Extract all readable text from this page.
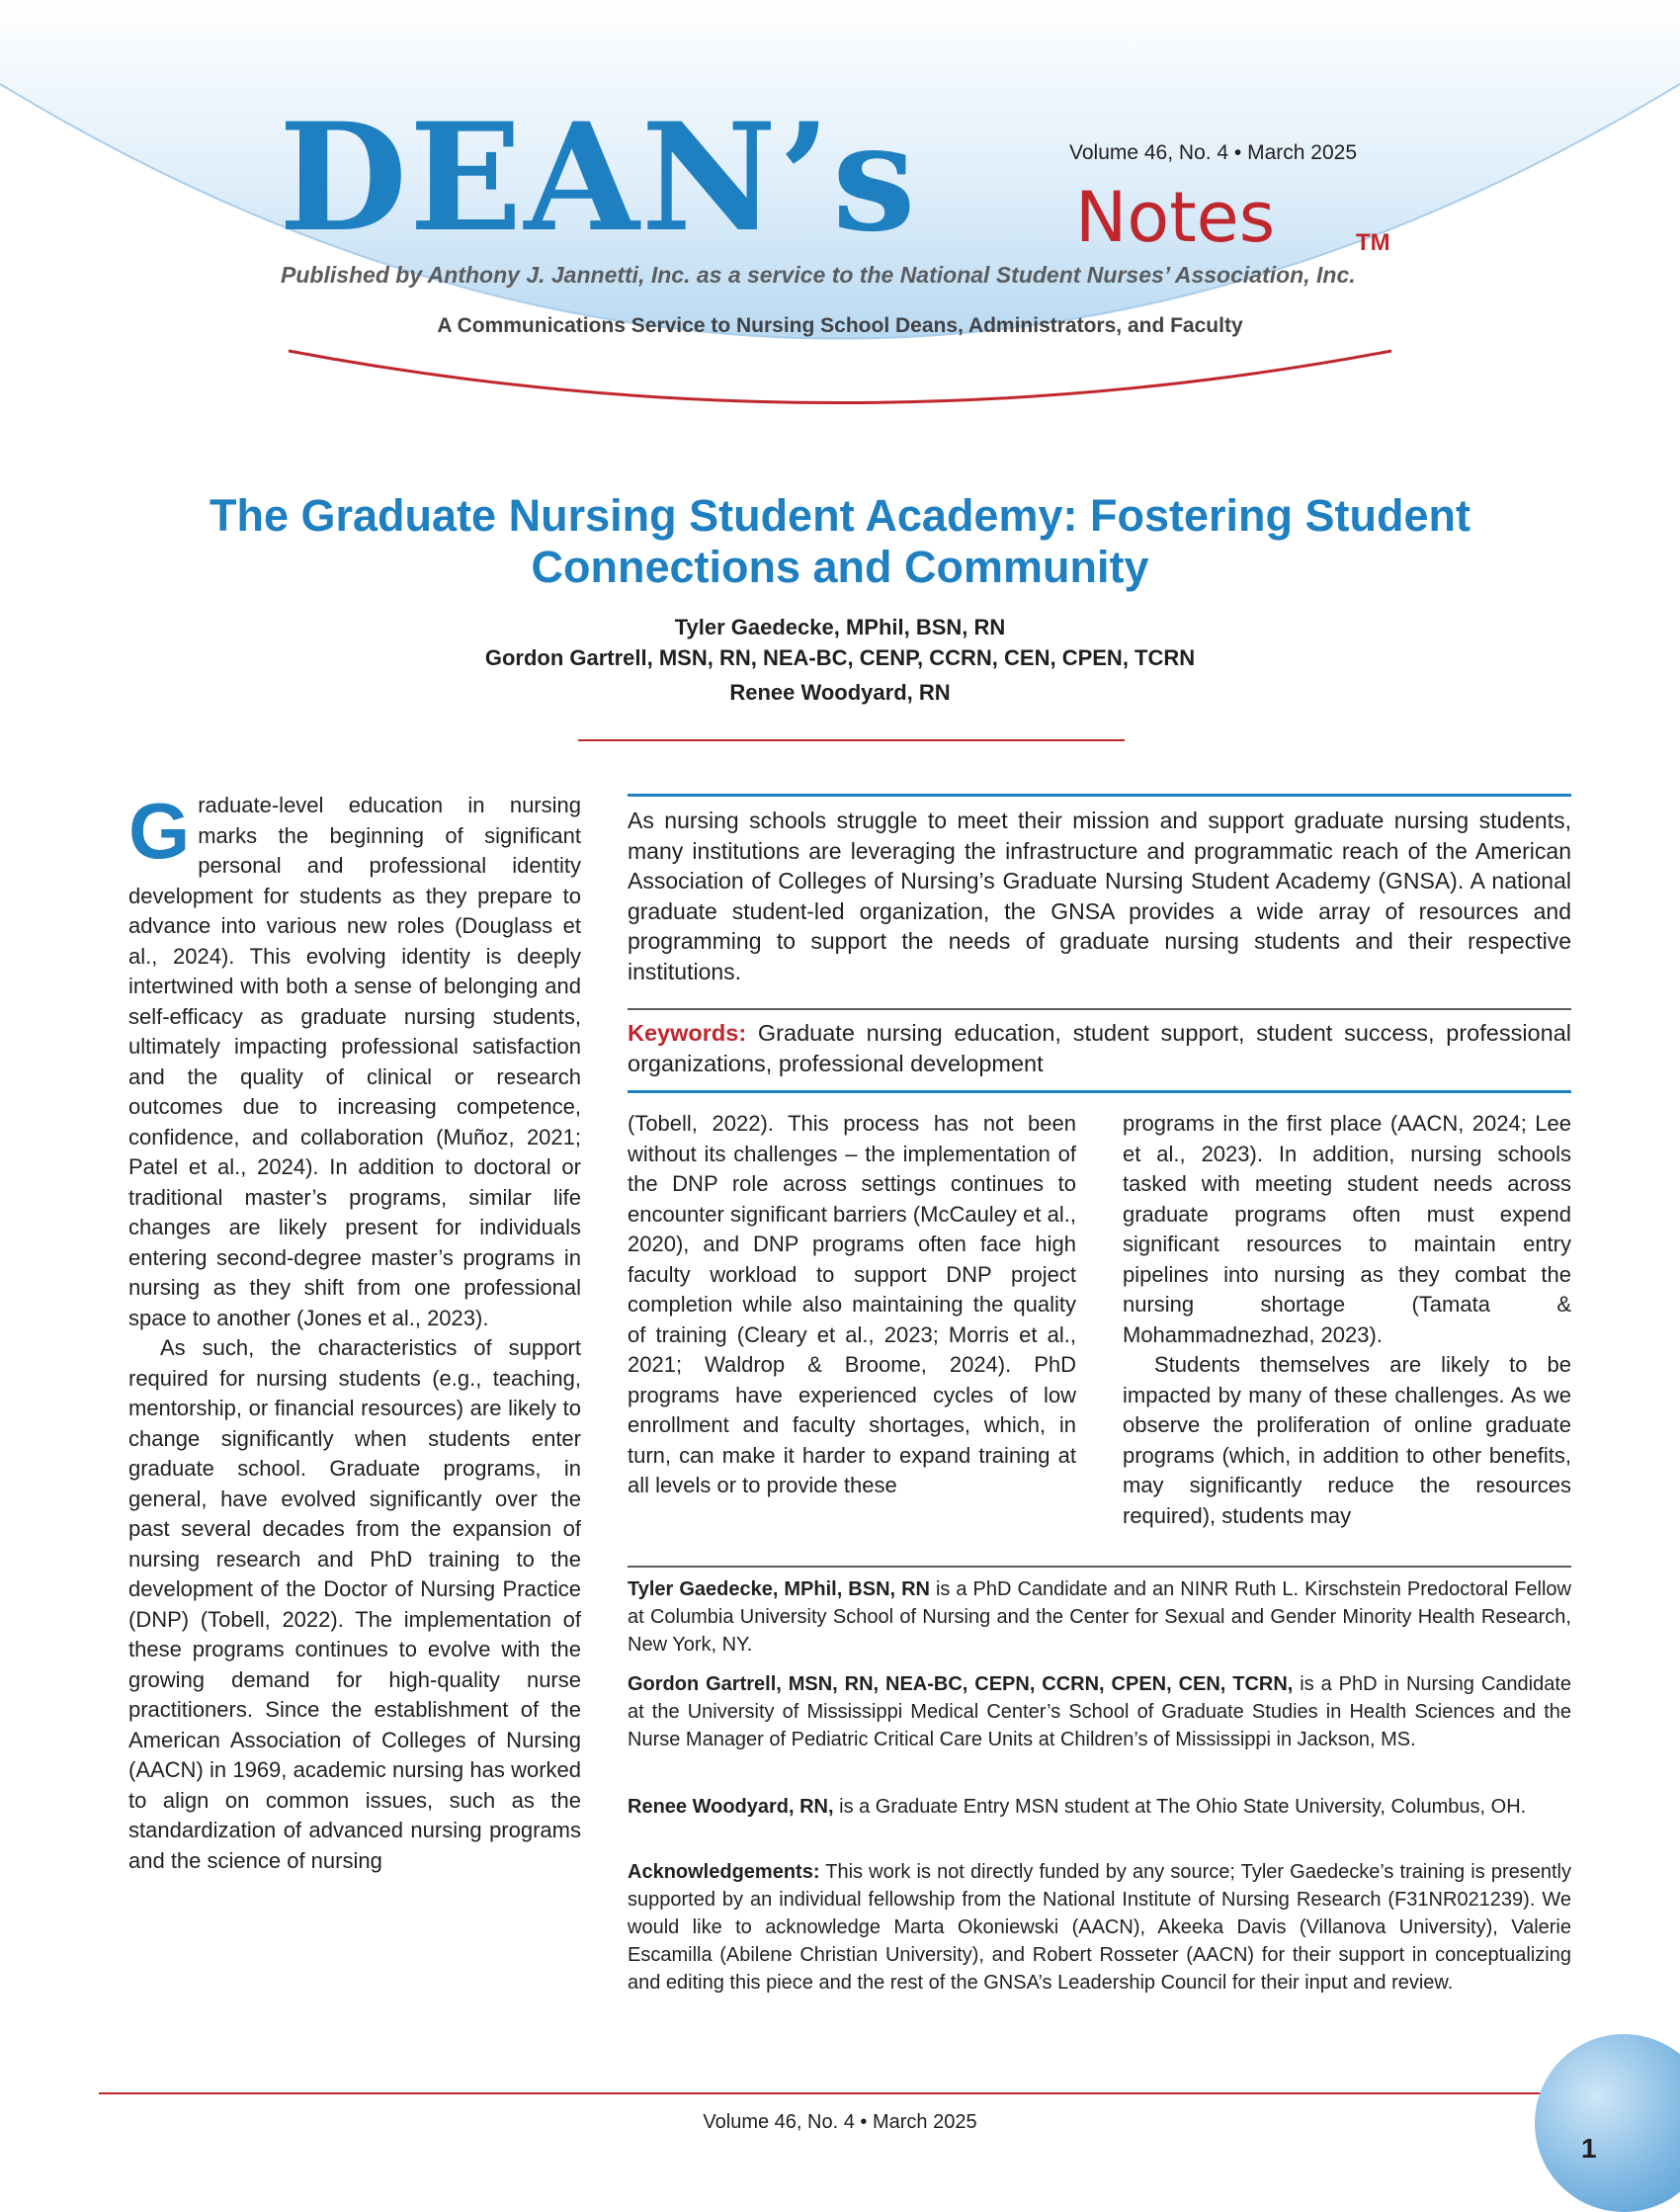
DEAN’s	Volume 46, No. 4 • March 2025
Notes	TM
Published by Anthony J. Jannetti, Inc. as a service to the National Student Nurses’ Association, Inc.
A Communications Service to Nursing School Deans, Administrators, and Faculty
The Graduate Nursing Student Academy: Fostering Student
Connections and Community
Tyler Gaedecke, MPhil, BSN, RN
Gordon Gartrell, MSN, RN, NEA-BC, CENP, CCRN, CEN, CPEN, TCRN
Renee Woodyard, RN

G raduate-level education in nursing marks the beginning of significant personal and professional identity development for students as they prepare to advance into various new roles (Douglass et al., 2024). This evolving identity is deeply intertwined with both a sense of belonging and self-efficacy as graduate nursing students, ultimately impacting professional satisfaction and the quality of clinical or research outcomes due to increasing competence, confidence, and collaboration (Muñoz, 2021; Patel et al., 2024). In addition to doctoral or traditional master’s programs, similar life changes are likely present for individuals entering second-degree master’s programs in nursing as they shift from one professional space to another (Jones et al., 2023).

As such, the characteristics of support required for nursing students (e.g., teaching, mentorship, or financial resources) are likely to change significantly when students enter graduate school. Graduate programs, in general, have evolved significantly over the past several decades from the expansion of nursing research and PhD training to the development of the Doctor of Nursing Practice (DNP) (Tobell, 2022). The implementation of these programs continues to evolve with the growing demand for high-quality nurse practitioners. Since the establishment of the American Association of Colleges of Nursing (AACN) in 1969, academic nursing has worked to align on common issues, such as the standardization of advanced nursing programs and the science of nursing

As nursing schools struggle to meet their mission and support graduate nursing students, many institutions are leveraging the infrastructure and programmatic reach of the American Association of Colleges of Nursing’s Graduate Nursing Student Academy (GNSA). A national graduate student-led organization, the GNSA provides a wide array of resources and programming to support the needs of graduate nursing students and their respective institutions.
Keywords: Graduate nursing education, student support, student success, professional organizations, professional development

(Tobell, 2022). This process has not been without its challenges – the implementation of the DNP role across settings continues to encounter significant barriers (McCauley et al., 2020), and DNP programs often face high faculty workload to support DNP project completion while also maintaining the quality of training (Cleary et al., 2023; Morris et al., 2021; Waldrop & Broome, 2024). PhD programs have experienced cycles of low enrollment and faculty shortages, which, in turn, can make it harder to expand training at all levels or to provide these

programs in the first place (AACN, 2024; Lee et al., 2023). In addition, nursing schools tasked with meeting student needs across graduate programs often must expend significant resources to maintain entry pipelines into nursing as they combat the nursing shortage (Tamata & Mohammadnezhad, 2023).

Students themselves are likely to be impacted by many of these challenges. As we observe the proliferation of online graduate programs (which, in addition to other benefits, may significantly reduce the resources required), students may

Tyler Gaedecke, MPhil, BSN, RN is a PhD Candidate and an NINR Ruth L. Kirschstein Predoctoral Fellow at Columbia University School of Nursing and the Center for Sexual and Gender Minority Health Research, New York, NY.
Gordon Gartrell, MSN, RN, NEA-BC, CEPN, CCRN, CPEN, CEN, TCRN, is a PhD in Nursing Candidate at the University of Mississippi Medical Center’s School of Graduate Studies in Health Sciences and the Nurse Manager of Pediatric Critical Care Units at Children’s of Mississippi in Jackson, MS.
Renee Woodyard, RN, is a Graduate Entry MSN student at The Ohio State University, Columbus, OH.
Acknowledgements: This work is not directly funded by any source; Tyler Gaedecke’s training is presently supported by an individual fellowship from the National Institute of Nursing Research (F31NR021239). We would like to acknowledge Marta Okoniewski (AACN), Akeeka Davis (Villanova University), Valerie Escamilla (Abilene Christian University), and Robert Rosseter (AACN) for their support in conceptualizing and editing this piece and the rest of the GNSA’s Leadership Council for their input and review.
Volume 46, No. 4 • March 2025
1
